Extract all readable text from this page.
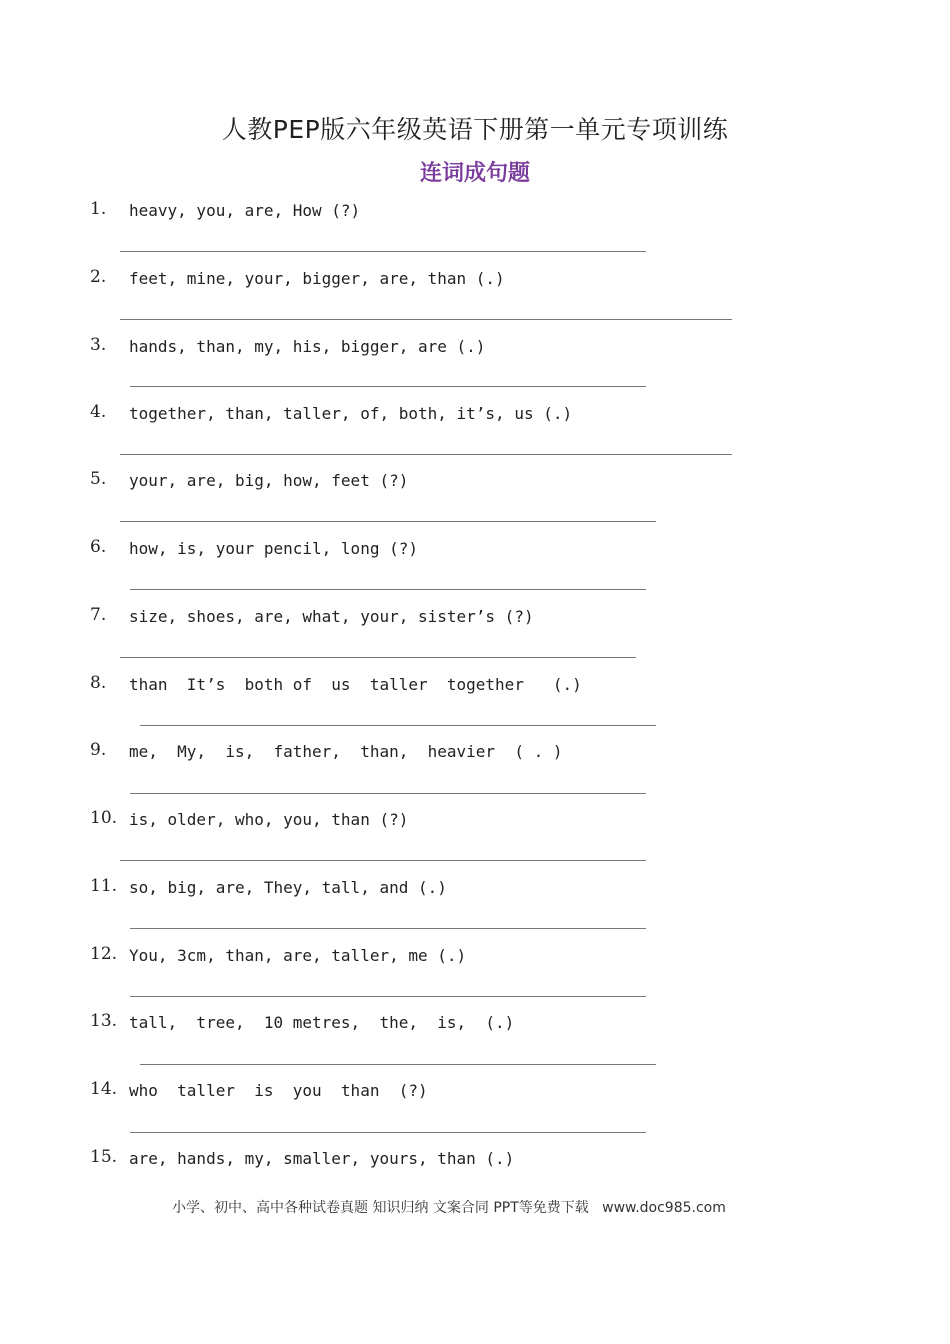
人教PEP版六年级英语下册第一单元专项训练
连词成句题
1. heavy, you, are, How (?)
2. feet, mine, your, bigger, are, than (.)
3. hands, than, my, his, bigger, are (.)
4. together, than, taller, of, both, it’s, us (.)
5. your, are, big, how, feet (?)
6. how, is, your pencil, long (?)
7. size, shoes, are, what, your, sister’s (?)
8. than  It’s  both of  us  taller  together   (.)
9. me,  My,  is,  father,  than,  heavier  ( . )
10. is, older, who, you, than (?)
11. so, big, are, They, tall, and (.)
12. You, 3cm, than, are, taller, me (.)
13. tall,  tree,  10 metres,  the,  is,  (.)
14. who  taller  is  you  than  (?)
15. are, hands, my, smaller, yours, than (.)
小学、初中、高中各种试卷真题 知识归纳 文案合同 PPT等免费下载   www.doc985.com
